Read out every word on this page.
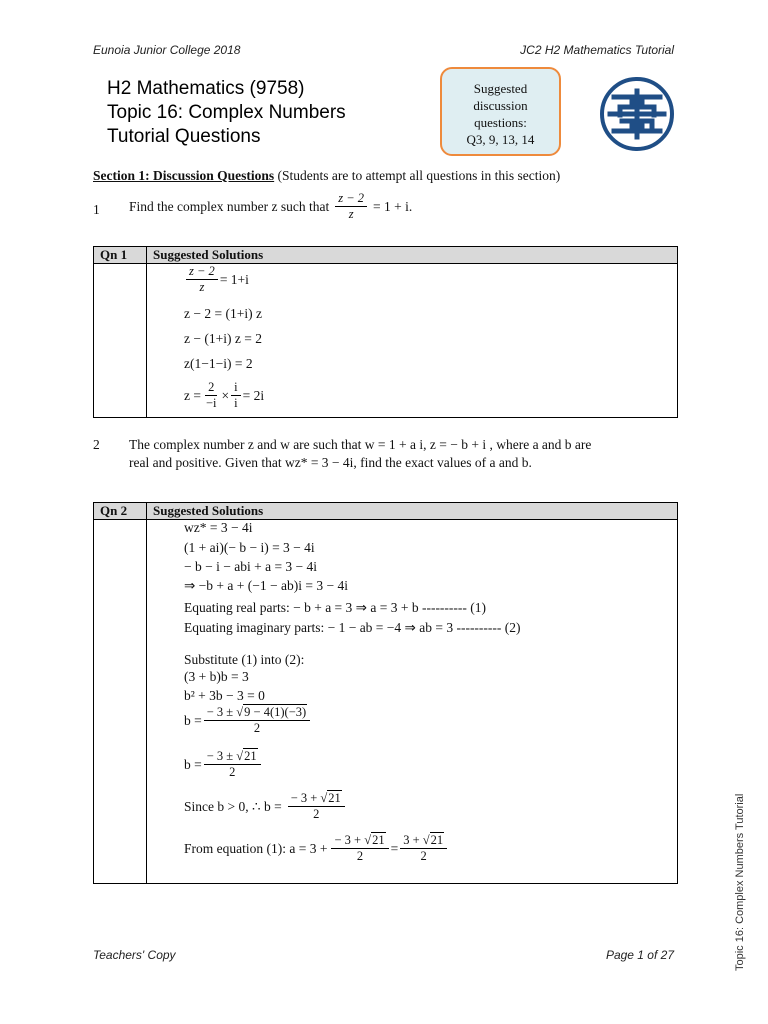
Eunoia Junior College 2018	JC2 H2 Mathematics Tutorial
H2 Mathematics (9758)
Topic 16: Complex Numbers
Tutorial Questions
Suggested
discussion
questions:
Q3, 9, 13, 14
Section 1: Discussion Questions (Students are to attempt all questions in this section)
1 Find the complex number z such that $\frac{z - 2}{z} = 1 + i$.
Qn 1	Suggested Solutions

$\frac{z - 2}{z} = 1+i$
z − 2 = (1+i) z
z − (1+i) z = 2
z(1−1−i) = 2
$z = \frac{2}{-i} \times \frac{i}{i} = 2i$
2 The complex number z and w are such that w = 1 + a i, z = − b + i , where a and b are
real and positive. Given that wz* = 3 − 4i, find the exact values of a and b.
Qn 2	Suggested Solutions

wz* = 3 − 4i
(1 + ai)(− b − i) = 3 − 4i
− b − i − abi + a = 3 − 4i
⇒ −b + a + (−1 − ab)i = 3 − 4i
Equating real parts: − b + a = 3 ⇒ a = 3 + b ---------- (1)
Equating imaginary parts: − 1 − ab = −4 ⇒ ab = 3 ---------- (2)
Substitute (1) into (2):
(3 + b)b = 3
b² + 3b − 3 = 0
$b = \frac{- 3 \pm √9 - 4(1)(-3)}{2}$
$b = \frac{- 3 \pm √21}{2}$
Since b > 0, ∴ $b = \frac{- 3 + √21}{2}$
From equation (1): $a = 3 + \frac{- 3 + √21}{2} = \frac{3 + √21}{2}$
Teachers' Copy	Page 1 of 27	Topic 16: Complex Numbers Tutorial
